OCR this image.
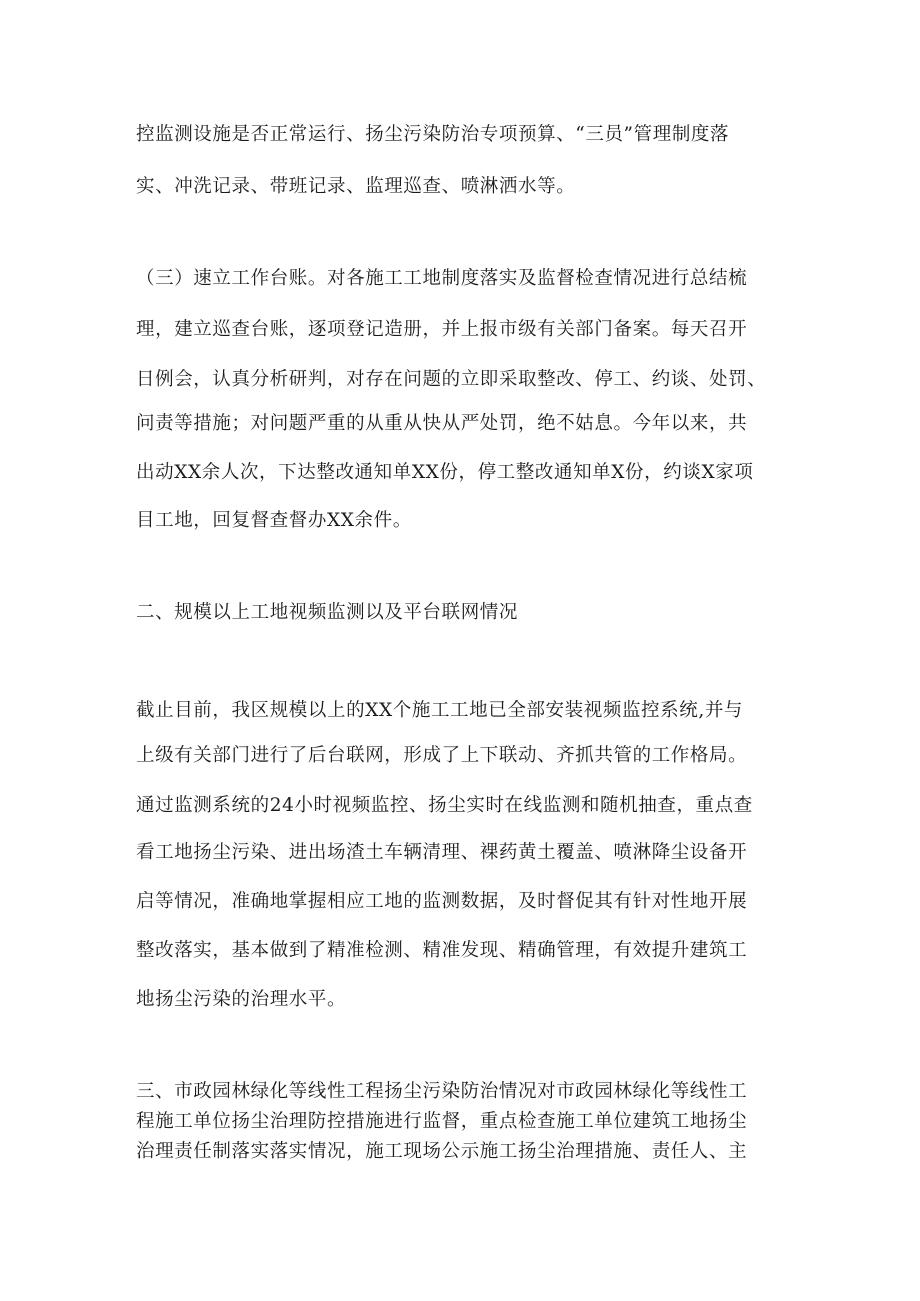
控监测设施是否正常运行、扬尘污染防治专项预算、“三员”管理制度落
实、冲洗记录、带班记录、监理巡查、喷淋洒水等。
（三）速立工作台账。对各施工工地制度落实及监督检查情况进行总结梳
理，建立巡查台账，逐项登记造册，并上报市级有关部门备案。每天召开
日例会，认真分析研判，对存在问题的立即采取整改、停工、约谈、处罚、
问责等措施；对问题严重的从重从快从严处罚，绝不姑息。今年以来，共
出动XX余人次，下达整改通知单XX份，停工整改通知单X份，约谈X家项
目工地，回复督查督办XX余件。
二、规模以上工地视频监测以及平台联网情况
截止目前，我区规模以上的XX个施工工地已全部安装视频监控系统,并与
上级有关部门进行了后台联网，形成了上下联动、齐抓共管的工作格局。
通过监测系统的24小时视频监控、扬尘实时在线监测和随机抽查，重点查
看工地扬尘污染、进出场渣土车辆清理、裸药黄土覆盖、喷淋降尘设备开
启等情况，准确地掌握相应工地的监测数据，及时督促其有针对性地开展
整改落实，基本做到了精准检测、精准发现、精确管理，有效提升建筑工
地扬尘污染的治理水平。
三、市政园林绿化等线性工程扬尘污染防治情况对市政园林绿化等线性工
程施工单位扬尘治理防控措施进行监督，重点检查施工单位建筑工地扬尘
治理责任制落实落实情况，施工现场公示施工扬尘治理措施、责任人、主
